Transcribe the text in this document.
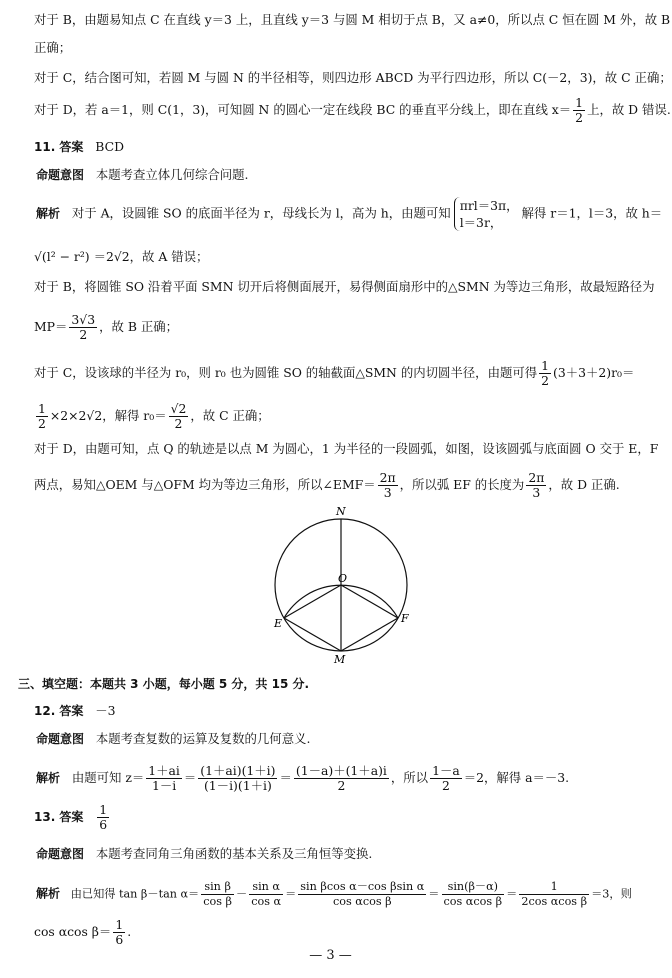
对于 B，由题易知点 C 在直线 y＝3 上，且直线 y＝3 与圆 M 相切于点 B，又 a≠0，所以点 C 恒在圆 M 外，故 B
正确；
对于 C，结合图可知，若圆 M 与圆 N 的半径相等，则四边形 ABCD 为平行四边形，所以 C(－2，3)，故 C 正确；
对于 D，若 a＝1，则 C(1，3)，可知圆 N 的圆心一定在线段 BC 的垂直平分线上，即在直线 $x= \frac{1}{2}$ 上，故 D 错误.
11. 答案 BCD
命题意图 本题考查立体几何综合问题.
解析 对于 A，设圆锥 SO 的底面半径为 r，母线长为 l，高为 h，由题可知 πrl＝3π，
l＝3r，
解得 r＝1，l＝3，故 h＝
√(l² − r²) ＝2√2，故 A 错误；
对于 B，将圆锥 SO 沿着平面 SMN 切开后将侧面展开，易得侧面扇形中的△SMN 为等边三角形，故最短路径为
$MP= \frac{3√3}{2}$ ，故 B 正确；
对于 C，设该球的半径为 r₀，则 r₀ 也为圆锥 SO 的轴截面△SMN 的内切圆半径，由题可得 $\frac{1}{2} (3+3+2)r_0=$
$\frac{1}{2} \times 2\times 2√2$，解得 $r_0= \frac{√2}{2}$ ，故 C 正确；
对于 D，由题可知，点 Q 的轨迹是以点 M 为圆心，1 为半径的一段圆弧，如图，设该圆弧与底面圆 O 交于 E，F
两点，易知△OEM 与△OFM 均为等边三角形，所以∠EMF＝ $\frac{2\pi}{3}$ ，所以弧 EF 的长度为 $\frac{2\pi}{3}$ ，故 D 正确.
N
O
E	F
M
三、填空题：本题共 3 小题，每小题 5 分，共 15 分.
12. 答案 －3
命题意图 本题考查复数的运算及复数的几何意义.
解析 由题可知 $z= \frac{1+ai}{1-i} = \frac{(1+ai)(1+i)}{(1-i)(1+i)} = \frac{(1-a)+(1+a)i}{2}$ ，所以 $\frac{1-a}{2} =2$，解得 a＝－3.
13. 答案 $\frac{1}{6}$
命题意图 本题考查同角三角函数的基本关系及三角恒等变换.
解析 由已知得 tan β－tan $\alpha= \frac{\text{sin β}}{\text{cos β}} - \frac{\text{sin α}}{\text{cos α}} = \frac{\text{sin βcos α－cos βsin α}}{\text{cos αcos β}} = \frac{\sin(\beta-\alpha)}{\text{cos αcos β}} = \frac{1}{\text{2cos αcos β}} =3$，则
cos αcos $\beta= \frac{1}{6}$ .
— 3 —
